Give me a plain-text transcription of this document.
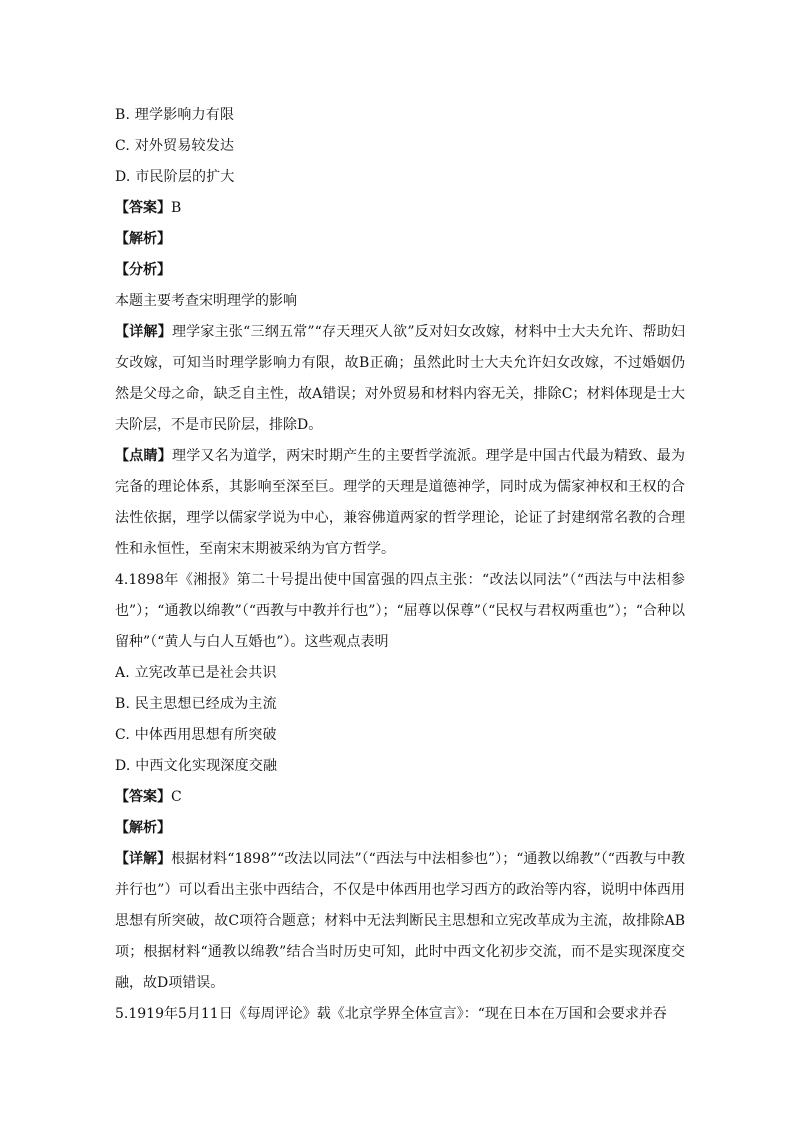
B. 理学影响力有限
C. 对外贸易较发达
D. 市民阶层的扩大
【答案】B
【解析】
【分析】
本题主要考查宋明理学的影响
【详解】理学家主张“三纲五常”“存天理灭人欲”反对妇女改嫁，材料中士大夫允许、帮助妇女改嫁，可知当时理学影响力有限，故B正确；虽然此时士大夫允许妇女改嫁，不过婚姻仍然是父母之命，缺乏自主性，故A错误；对外贸易和材料内容无关，排除C；材料体现是士大夫阶层，不是市民阶层，排除D。
【点睛】理学又名为道学，两宋时期产生的主要哲学流派。理学是中国古代最为精致、最为完备的理论体系，其影响至深至巨。理学的天理是道德神学，同时成为儒家神权和王权的合法性依据，理学以儒家学说为中心，兼容佛道两家的哲学理论，论证了封建纲常名教的合理性和永恒性，至南宋末期被采纳为官方哲学。
4.1898年《湘报》第二十号提出使中国富强的四点主张：“改法以同法”（“西法与中法相参也”）；“通教以绵教”（“西教与中教并行也”）；“屈尊以保尊”（“民权与君权两重也”）；“合种以留种”（“黄人与白人互婚也”）。这些观点表明
A. 立宪改革已是社会共识
B. 民主思想已经成为主流
C. 中体西用思想有所突破
D. 中西文化实现深度交融
【答案】C
【解析】
【详解】根据材料“1898”“改法以同法”（“西法与中法相参也”）；“通教以绵教”（“西教与中教并行也”）可以看出主张中西结合，不仅是中体西用也学习西方的政治等内容，说明中体西用思想有所突破，故C项符合题意；材料中无法判断民主思想和立宪改革成为主流，故排除AB项；根据材料“通教以绵教”结合当时历史可知，此时中西文化初步交流，而不是实现深度交融，故D项错误。
5.1919年5月11日《每周评论》载《北京学界全体宣言》：“现在日本在万国和会要求并吞
